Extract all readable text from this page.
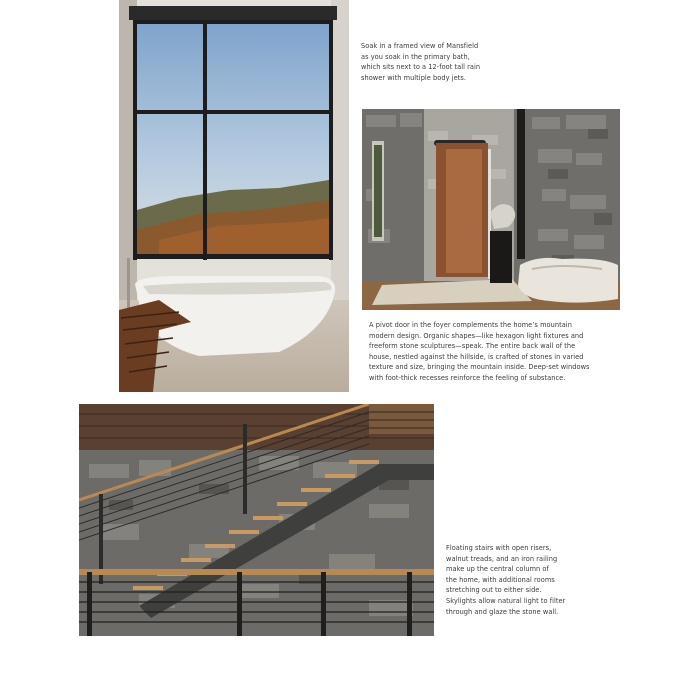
Soak in a framed view of Mansfield
as you soak in the primary bath,
which sits next to a 12-foot tall rain
shower with multiple body jets.
A pivot door in the foyer complements the home’s mountain
modern design. Organic shapes—like hexagon light fixtures and
freeform stone sculptures—speak. The entire back wall of the
house, nestled against the hillside, is crafted of stones in varied
texture and size, bringing the mountain inside. Deep-set windows
with foot-thick recesses reinforce the feeling of substance.
Floating stairs with open risers,
walnut treads, and an iron railing
make up the central column of
the home, with additional rooms
stretching out to either side.
Skylights allow natural light to filter
through and glaze the stone wall.
